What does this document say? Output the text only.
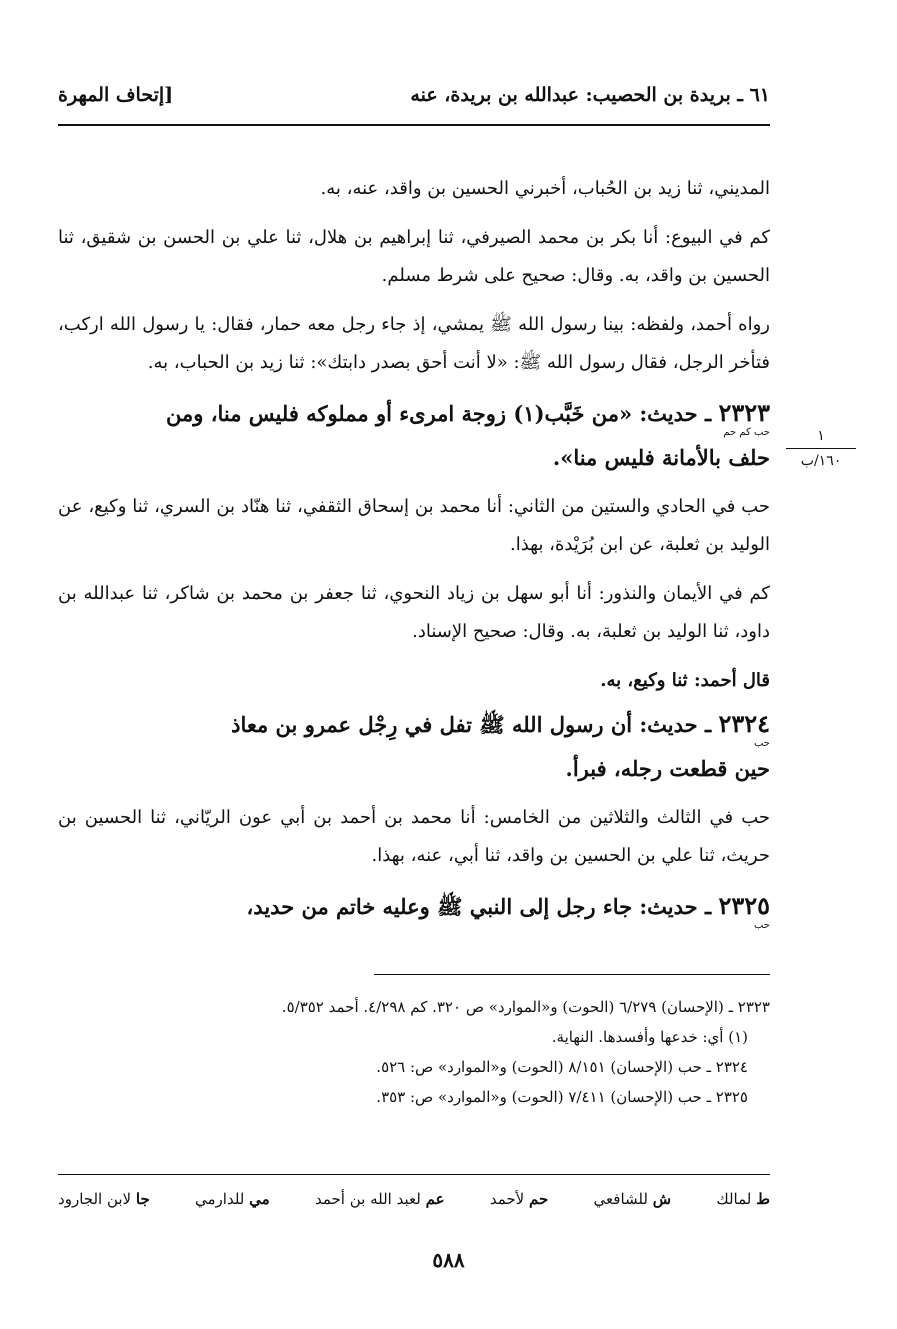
٦١ ـ بريدة بن الحصيب: عبدالله بن بريدة، عنه
[إتحاف المهرة
١
١٦٠/ب

المديني، ثنا زيد بن الحُباب، أخبرني الحسين بن واقد، عنه، به.

كم في البيوع: أنا بكر بن محمد الصيرفي، ثنا إبراهيم بن هلال، ثنا علي بن الحسن بن شقيق، ثنا الحسين بن واقد، به. وقال: صحيح على شرط مسلم.

رواه أحمد، ولفظه: بينا رسول الله ﷺ يمشي، إذ جاء رجل معه حمار، فقال: يا رسول الله اركب، فتأخر الرجل، فقال رسول الله ﷺ: «لا أنت أحق بصدر دابتك»: ثنا زيد بن الحباب، به.

٢٣٢٣ ـ حديث: «من خَبَّب(١) زوجة امرىء أو مملوكه فليس منا، ومن
حب كم حم
حلف بالأمانة فليس منا».

حب في الحادي والستين من الثاني: أنا محمد بن إسحاق الثقفي، ثنا هنّاد بن السري، ثنا وكيع، عن الوليد بن ثعلبة، عن ابن بُرَيْدة، بهذا.

كم في الأيمان والنذور: أنا أبو سهل بن زياد النحوي، ثنا جعفر بن محمد بن شاكر، ثنا عبدالله بن داود، ثنا الوليد بن ثعلبة، به. وقال: صحيح الإسناد.

قال أحمد: ثنا وكيع، به.

٢٣٢٤ ـ حديث: أن رسول الله ﷺ تفل في رِجْل عمرو بن معاذ
حب
حين قطعت رجله، فبرأ.

حب في الثالث والثلاثين من الخامس: أنا محمد بن أحمد بن أبي عون الريّاني، ثنا الحسين بن حريث، ثنا علي بن الحسين بن واقد، ثنا أبي، عنه، بهذا.

٢٣٢٥ ـ حديث: جاء رجل إلى النبي ﷺ وعليه خاتم من حديد،
حب

٢٣٢٣ ـ (الإحسان) ٦/٢٧٩ (الحوت) و«الموارد» ص ٣٢٠. كم ٤/٢٩٨. أحمد ٥/٣٥٢.

(١) أي: خدعها وأفسدها. النهاية.

٢٣٢٤ ـ حب (الإحسان) ٨/١٥١ (الحوت) و«الموارد» ص: ٥٢٦.

٢٣٢٥ ـ حب (الإحسان) ٧/٤١١ (الحوت) و«الموارد» ص: ٣٥٣.

ط لمالك
ش للشافعي
حم لأحمد
عم لعبد الله بن أحمد
مي للدارمي
جا لابن الجارود
٥٨٨
